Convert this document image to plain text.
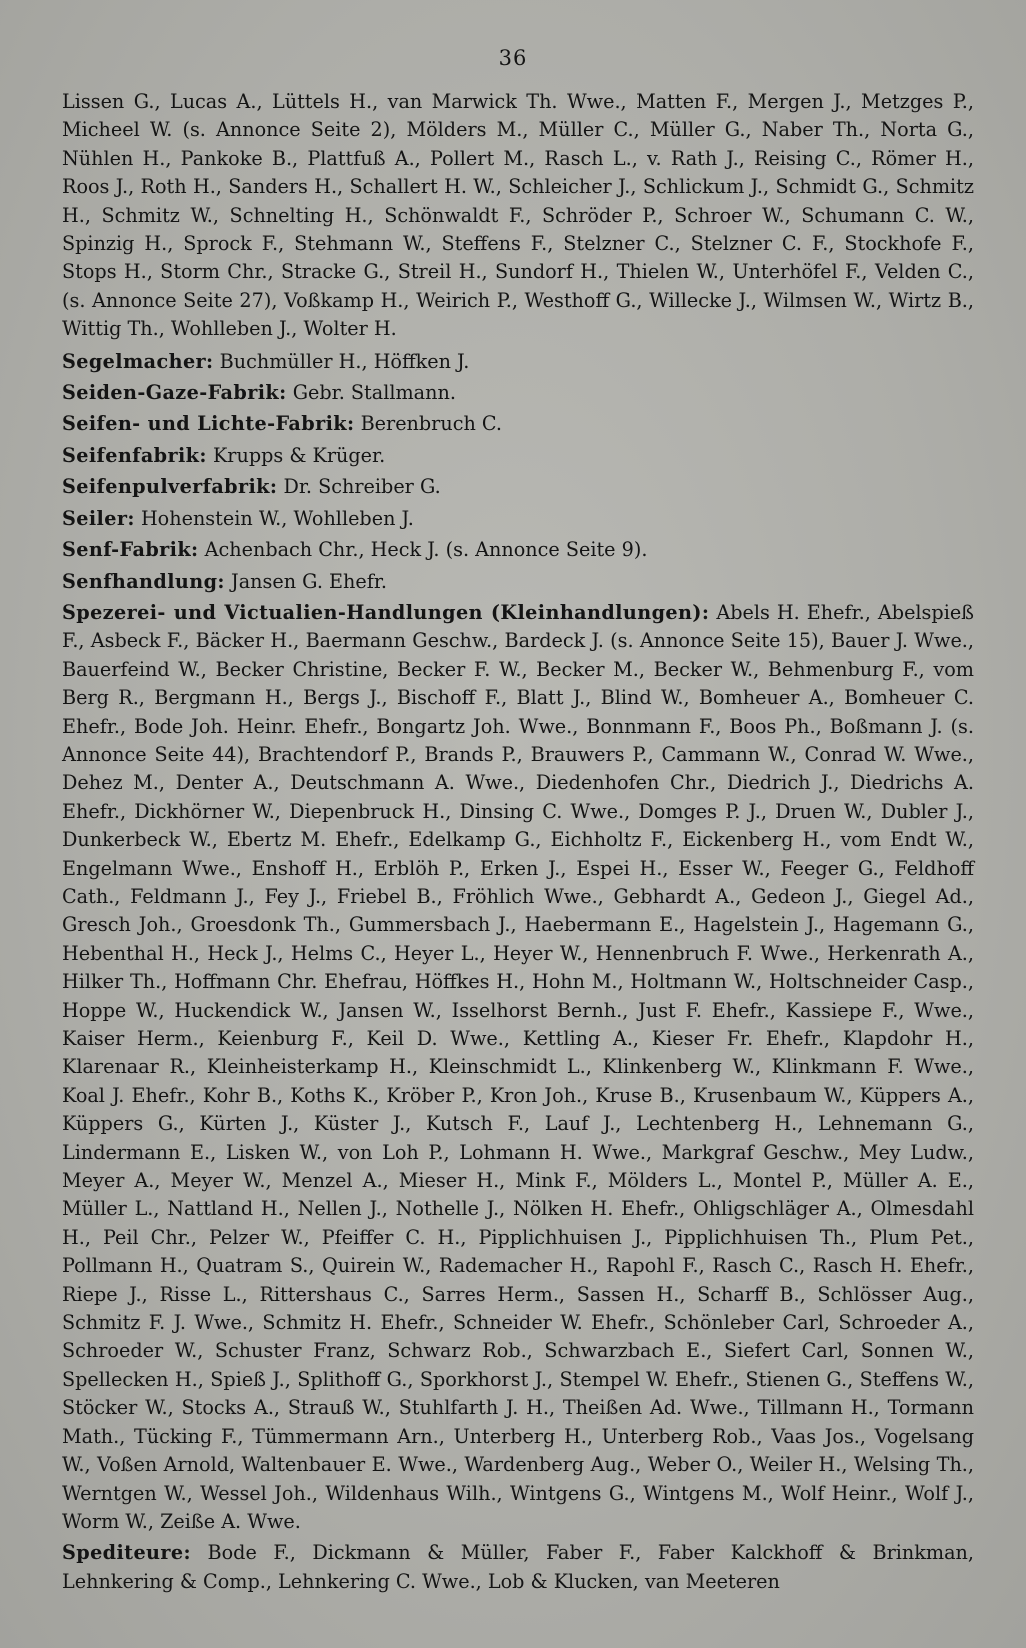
36

Lissen G., Lucas A., Lüttels H., van Marwick Th. Wwe., Matten F., Mergen J., Metzges P., Micheel W. (s. Annonce Seite 2), Mölders M., Müller C., Müller G., Naber Th., Norta G., Nühlen H., Pankoke B., Plattfuß A., Pollert M., Rasch L., v. Rath J., Reising C., Römer H., Roos J., Roth H., Sanders H., Schallert H. W., Schleicher J., Schlickum J., Schmidt G., Schmitz H., Schmitz W., Schnelting H., Schönwaldt F., Schröder P., Schroer W., Schumann C. W., Spinzig H., Sprock F., Stehmann W., Steffens F., Stelzner C., Stelzner C. F., Stockhofe F., Stops H., Storm Chr., Stracke G., Streil H., Sundorf H., Thielen W., Unterhöfel F., Velden C., (s. Annonce Seite 27), Voßkamp H., Weirich P., Westhoff G., Willecke J., Wilmsen W., Wirtz B., Wittig Th., Wohlleben J., Wolter H.

Segelmacher: Buchmüller H., Höffken J.

Seiden-Gaze-Fabrik: Gebr. Stallmann.

Seifen- und Lichte-Fabrik: Berenbruch C.

Seifenfabrik: Krupps & Krüger.

Seifenpulverfabrik: Dr. Schreiber G.

Seiler: Hohenstein W., Wohlleben J.

Senf-Fabrik: Achenbach Chr., Heck J. (s. Annonce Seite 9).

Senfhandlung: Jansen G. Ehefr.

Spezerei- und Victualien-Handlungen (Kleinhandlungen): Abels H. Ehefr., Abelspieß F., Asbeck F., Bäcker H., Baermann Geschw., Bardeck J. (s. Annonce Seite 15), Bauer J. Wwe., Bauerfeind W., Becker Christine, Becker F. W., Becker M., Becker W., Behmenburg F., vom Berg R., Bergmann H., Bergs J., Bischoff F., Blatt J., Blind W., Bomheuer A., Bomheuer C. Ehefr., Bode Joh. Heinr. Ehefr., Bongartz Joh. Wwe., Bonnmann F., Boos Ph., Boßmann J. (s. Annonce Seite 44), Brachtendorf P., Brands P., Brauwers P., Cammann W., Conrad W. Wwe., Dehez M., Denter A., Deutschmann A. Wwe., Diedenhofen Chr., Diedrich J., Diedrichs A. Ehefr., Dickhörner W., Diepenbruck H., Dinsing C. Wwe., Domges P. J., Druen W., Dubler J., Dunkerbeck W., Ebertz M. Ehefr., Edelkamp G., Eichholtz F., Eickenberg H., vom Endt W., Engelmann Wwe., Enshoff H., Erblöh P., Erken J., Espei H., Esser W., Feeger G., Feldhoff Cath., Feldmann J., Fey J., Friebel B., Fröhlich Wwe., Gebhardt A., Gedeon J., Giegel Ad., Gresch Joh., Groesdonk Th., Gummersbach J., Haebermann E., Hagelstein J., Hagemann G., Hebenthal H., Heck J., Helms C., Heyer L., Heyer W., Hennenbruch F. Wwe., Herkenrath A., Hilker Th., Hoffmann Chr. Ehefrau, Höffkes H., Hohn M., Holtmann W., Holtschneider Casp., Hoppe W., Huckendick W., Jansen W., Isselhorst Bernh., Just F. Ehefr., Kassiepe F., Wwe., Kaiser Herm., Keienburg F., Keil D. Wwe., Kettling A., Kieser Fr. Ehefr., Klapdohr H., Klarenaar R., Kleinheisterkamp H., Kleinschmidt L., Klinkenberg W., Klinkmann F. Wwe., Koal J. Ehefr., Kohr B., Koths K., Kröber P., Kron Joh., Kruse B., Krusenbaum W., Küppers A., Küppers G., Kürten J., Küster J., Kutsch F., Lauf J., Lechtenberg H., Lehnemann G., Lindermann E., Lisken W., von Loh P., Lohmann H. Wwe., Markgraf Geschw., Mey Ludw., Meyer A., Meyer W., Menzel A., Mieser H., Mink F., Mölders L., Montel P., Müller A. E., Müller L., Nattland H., Nellen J., Nothelle J., Nölken H. Ehefr., Ohligschläger A., Olmesdahl H., Peil Chr., Pelzer W., Pfeiffer C. H., Pipplichhuisen J., Pipplichhuisen Th., Plum Pet., Pollmann H., Quatram S., Quirein W., Rademacher H., Rapohl F., Rasch C., Rasch H. Ehefr., Riepe J., Risse L., Rittershaus C., Sarres Herm., Sassen H., Scharff B., Schlösser Aug., Schmitz F. J. Wwe., Schmitz H. Ehefr., Schneider W. Ehefr., Schönleber Carl, Schroeder A., Schroeder W., Schuster Franz, Schwarz Rob., Schwarzbach E., Siefert Carl, Sonnen W., Spellecken H., Spieß J., Splithoff G., Sporkhorst J., Stempel W. Ehefr., Stienen G., Steffens W., Stöcker W., Stocks A., Strauß W., Stuhlfarth J. H., Theißen Ad. Wwe., Tillmann H., Tormann Math., Tücking F., Tümmermann Arn., Unterberg H., Unterberg Rob., Vaas Jos., Vogelsang W., Voßen Arnold, Waltenbauer E. Wwe., Wardenberg Aug., Weber O., Weiler H., Welsing Th., Werntgen W., Wessel Joh., Wildenhaus Wilh., Wintgens G., Wintgens M., Wolf Heinr., Wolf J., Worm W., Zeiße A. Wwe.

Spediteure: Bode F., Dickmann & Müller, Faber F., Faber Kalckhoff & Brinkman, Lehnkering & Comp., Lehnkering C. Wwe., Lob & Klucken, van Meeteren
